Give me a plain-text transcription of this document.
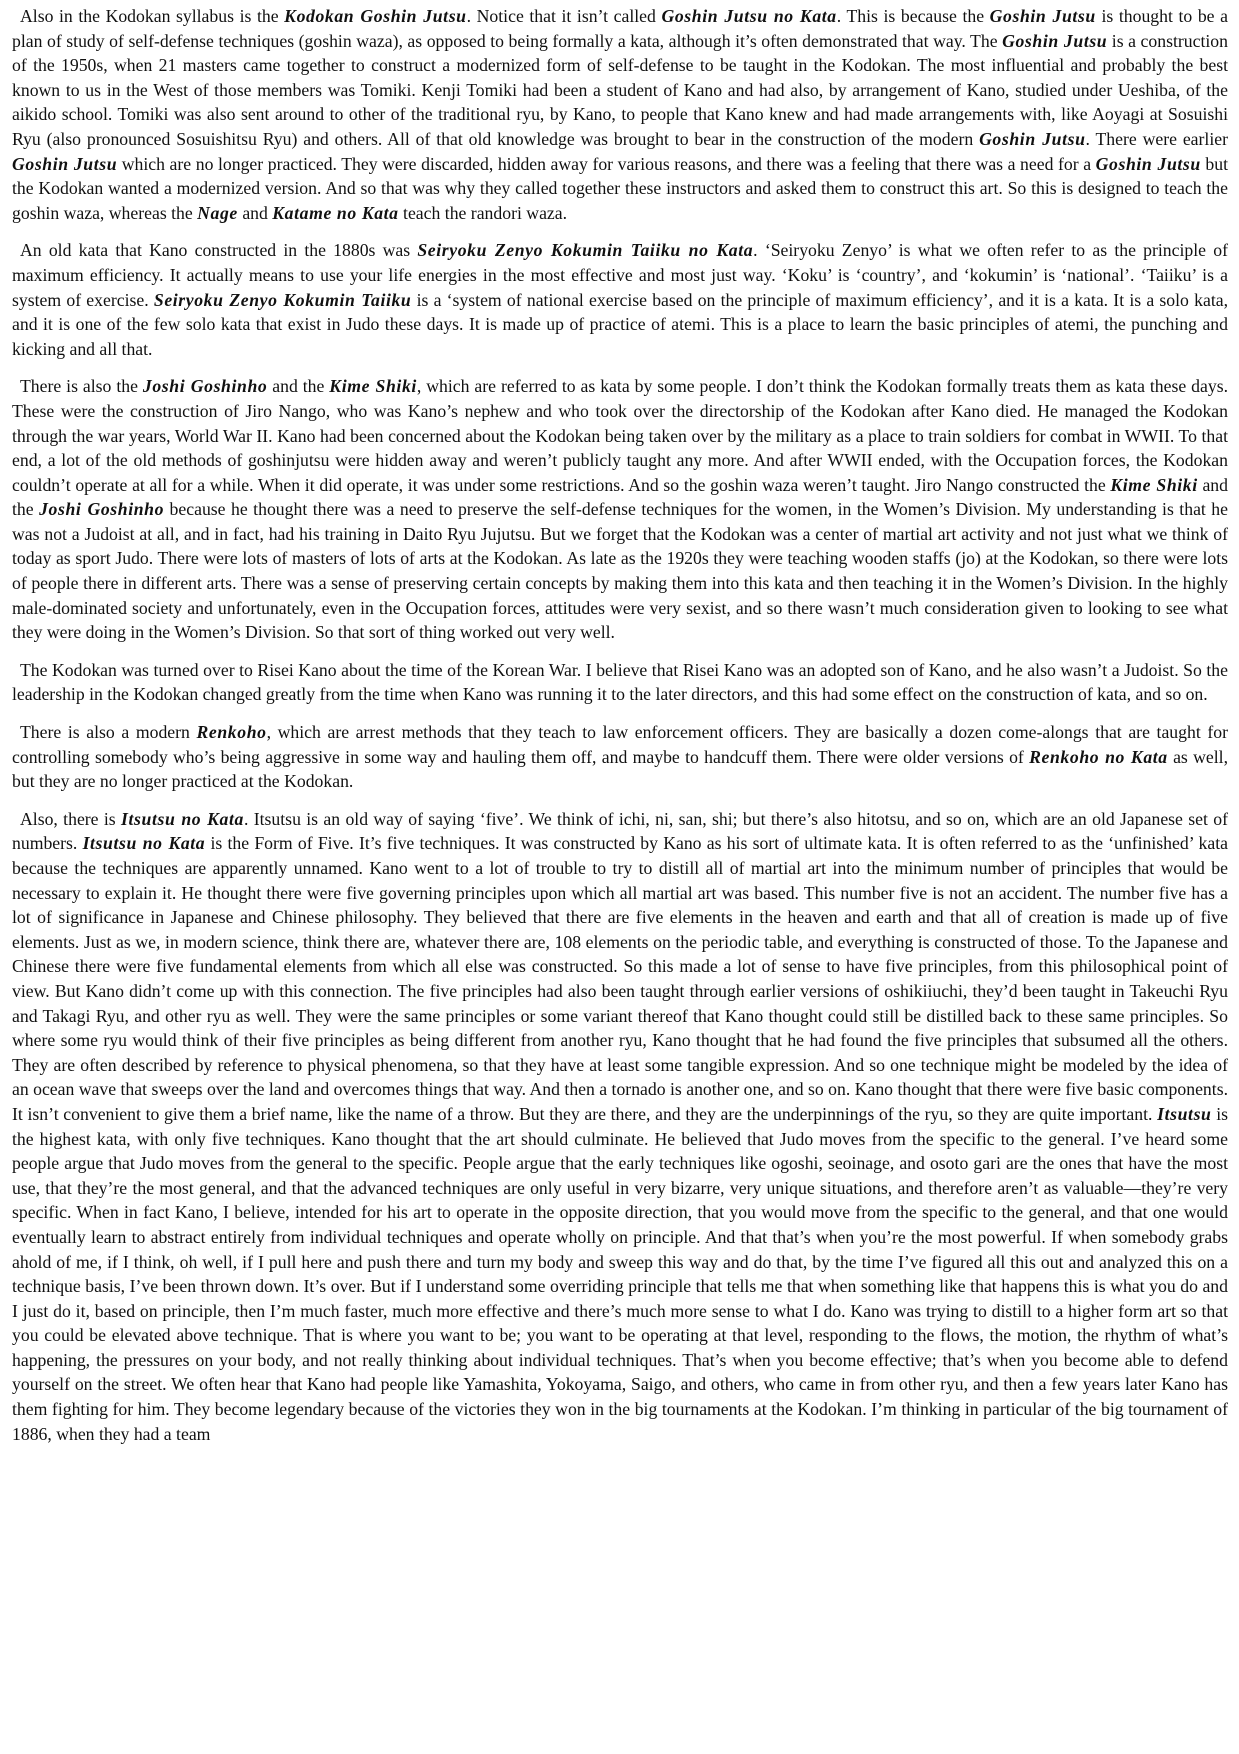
Also in the Kodokan syllabus is the Kodokan Goshin Jutsu. Notice that it isn’t called Goshin Jutsu no Kata. This is because the Goshin Jutsu is thought to be a plan of study of self-defense techniques (goshin waza), as opposed to being formally a kata, although it’s often demonstrated that way. The Goshin Jutsu is a construction of the 1950s, when 21 masters came together to construct a modernized form of self-defense to be taught in the Kodokan. The most influential and probably the best known to us in the West of those members was Tomiki. Kenji Tomiki had been a student of Kano and had also, by arrangement of Kano, studied under Ueshiba, of the aikido school. Tomiki was also sent around to other of the traditional ryu, by Kano, to people that Kano knew and had made arrangements with, like Aoyagi at Sosuishi Ryu (also pronounced Sosuishitsu Ryu) and others. All of that old knowledge was brought to bear in the construction of the modern Goshin Jutsu. There were earlier Goshin Jutsu which are no longer practiced. They were discarded, hidden away for various reasons, and there was a feeling that there was a need for a Goshin Jutsu but the Kodokan wanted a modernized version. And so that was why they called together these instructors and asked them to construct this art. So this is designed to teach the goshin waza, whereas the Nage and Katame no Kata teach the randori waza.

An old kata that Kano constructed in the 1880s was Seiryoku Zenyo Kokumin Taiiku no Kata. ‘Seiryoku Zenyo’ is what we often refer to as the principle of maximum efficiency. It actually means to use your life energies in the most effective and most just way. ‘Koku’ is ‘country’, and ‘kokumin’ is ‘national’. ‘Taiiku’ is a system of exercise. Seiryoku Zenyo Kokumin Taiiku is a ‘system of national exercise based on the principle of maximum efficiency’, and it is a kata. It is a solo kata, and it is one of the few solo kata that exist in Judo these days. It is made up of practice of atemi. This is a place to learn the basic principles of atemi, the punching and kicking and all that.

There is also the Joshi Goshinho and the Kime Shiki, which are referred to as kata by some people. I don’t think the Kodokan formally treats them as kata these days. These were the construction of Jiro Nango, who was Kano’s nephew and who took over the directorship of the Kodokan after Kano died. He managed the Kodokan through the war years, World War II. Kano had been concerned about the Kodokan being taken over by the military as a place to train soldiers for combat in WWII. To that end, a lot of the old methods of goshinjutsu were hidden away and weren’t publicly taught any more. And after WWII ended, with the Occupation forces, the Kodokan couldn’t operate at all for a while. When it did operate, it was under some restrictions. And so the goshin waza weren’t taught. Jiro Nango constructed the Kime Shiki and the Joshi Goshinho because he thought there was a need to preserve the self-defense techniques for the women, in the Women’s Division. My understanding is that he was not a Judoist at all, and in fact, had his training in Daito Ryu Jujutsu. But we forget that the Kodokan was a center of martial art activity and not just what we think of today as sport Judo. There were lots of masters of lots of arts at the Kodokan. As late as the 1920s they were teaching wooden staffs (jo) at the Kodokan, so there were lots of people there in different arts. There was a sense of preserving certain concepts by making them into this kata and then teaching it in the Women’s Division. In the highly male-dominated society and unfortunately, even in the Occupation forces, attitudes were very sexist, and so there wasn’t much consideration given to looking to see what they were doing in the Women’s Division. So that sort of thing worked out very well.

The Kodokan was turned over to Risei Kano about the time of the Korean War. I believe that Risei Kano was an adopted son of Kano, and he also wasn’t a Judoist. So the leadership in the Kodokan changed greatly from the time when Kano was running it to the later directors, and this had some effect on the construction of kata, and so on.

There is also a modern Renkoho, which are arrest methods that they teach to law enforcement officers. They are basically a dozen come-alongs that are taught for controlling somebody who’s being aggressive in some way and hauling them off, and maybe to handcuff them. There were older versions of Renkoho no Kata as well, but they are no longer practiced at the Kodokan.

Also, there is Itsutsu no Kata. Itsutsu is an old way of saying ‘five’. We think of ichi, ni, san, shi; but there’s also hitotsu, and so on, which are an old Japanese set of numbers. Itsutsu no Kata is the Form of Five. It’s five techniques. It was constructed by Kano as his sort of ultimate kata. It is often referred to as the ‘unfinished’ kata because the techniques are apparently unnamed. Kano went to a lot of trouble to try to distill all of martial art into the minimum number of principles that would be necessary to explain it. He thought there were five governing principles upon which all martial art was based. This number five is not an accident. The number five has a lot of significance in Japanese and Chinese philosophy. They believed that there are five elements in the heaven and earth and that all of creation is made up of five elements. Just as we, in modern science, think there are, whatever there are, 108 elements on the periodic table, and everything is constructed of those. To the Japanese and Chinese there were five fundamental elements from which all else was constructed. So this made a lot of sense to have five principles, from this philosophical point of view. But Kano didn’t come up with this connection. The five principles had also been taught through earlier versions of oshikiiuchi, they’d been taught in Takeuchi Ryu and Takagi Ryu, and other ryu as well. They were the same principles or some variant thereof that Kano thought could still be distilled back to these same principles. So where some ryu would think of their five principles as being different from another ryu, Kano thought that he had found the five principles that subsumed all the others. They are often described by reference to physical phenomena, so that they have at least some tangible expression. And so one technique might be modeled by the idea of an ocean wave that sweeps over the land and overcomes things that way. And then a tornado is another one, and so on. Kano thought that there were five basic components. It isn’t convenient to give them a brief name, like the name of a throw. But they are there, and they are the underpinnings of the ryu, so they are quite important. Itsutsu is the highest kata, with only five techniques. Kano thought that the art should culminate. He believed that Judo moves from the specific to the general. I’ve heard some people argue that Judo moves from the general to the specific. People argue that the early techniques like ogoshi, seoinage, and osoto gari are the ones that have the most use, that they’re the most general, and that the advanced techniques are only useful in very bizarre, very unique situations, and therefore aren’t as valuable—they’re very specific. When in fact Kano, I believe, intended for his art to operate in the opposite direction, that you would move from the specific to the general, and that one would eventually learn to abstract entirely from individual techniques and operate wholly on principle. And that that’s when you’re the most powerful. If when somebody grabs ahold of me, if I think, oh well, if I pull here and push there and turn my body and sweep this way and do that, by the time I’ve figured all this out and analyzed this on a technique basis, I’ve been thrown down. It’s over. But if I understand some overriding principle that tells me that when something like that happens this is what you do and I just do it, based on principle, then I’m much faster, much more effective and there’s much more sense to what I do. Kano was trying to distill to a higher form art so that you could be elevated above technique. That is where you want to be; you want to be operating at that level, responding to the flows, the motion, the rhythm of what’s happening, the pressures on your body, and not really thinking about individual techniques. That’s when you become effective; that’s when you become able to defend yourself on the street. We often hear that Kano had people like Yamashita, Yokoyama, Saigo, and others, who came in from other ryu, and then a few years later Kano has them fighting for him. They become legendary because of the victories they won in the big tournaments at the Kodokan. I’m thinking in particular of the big tournament of 1886, when they had a team
